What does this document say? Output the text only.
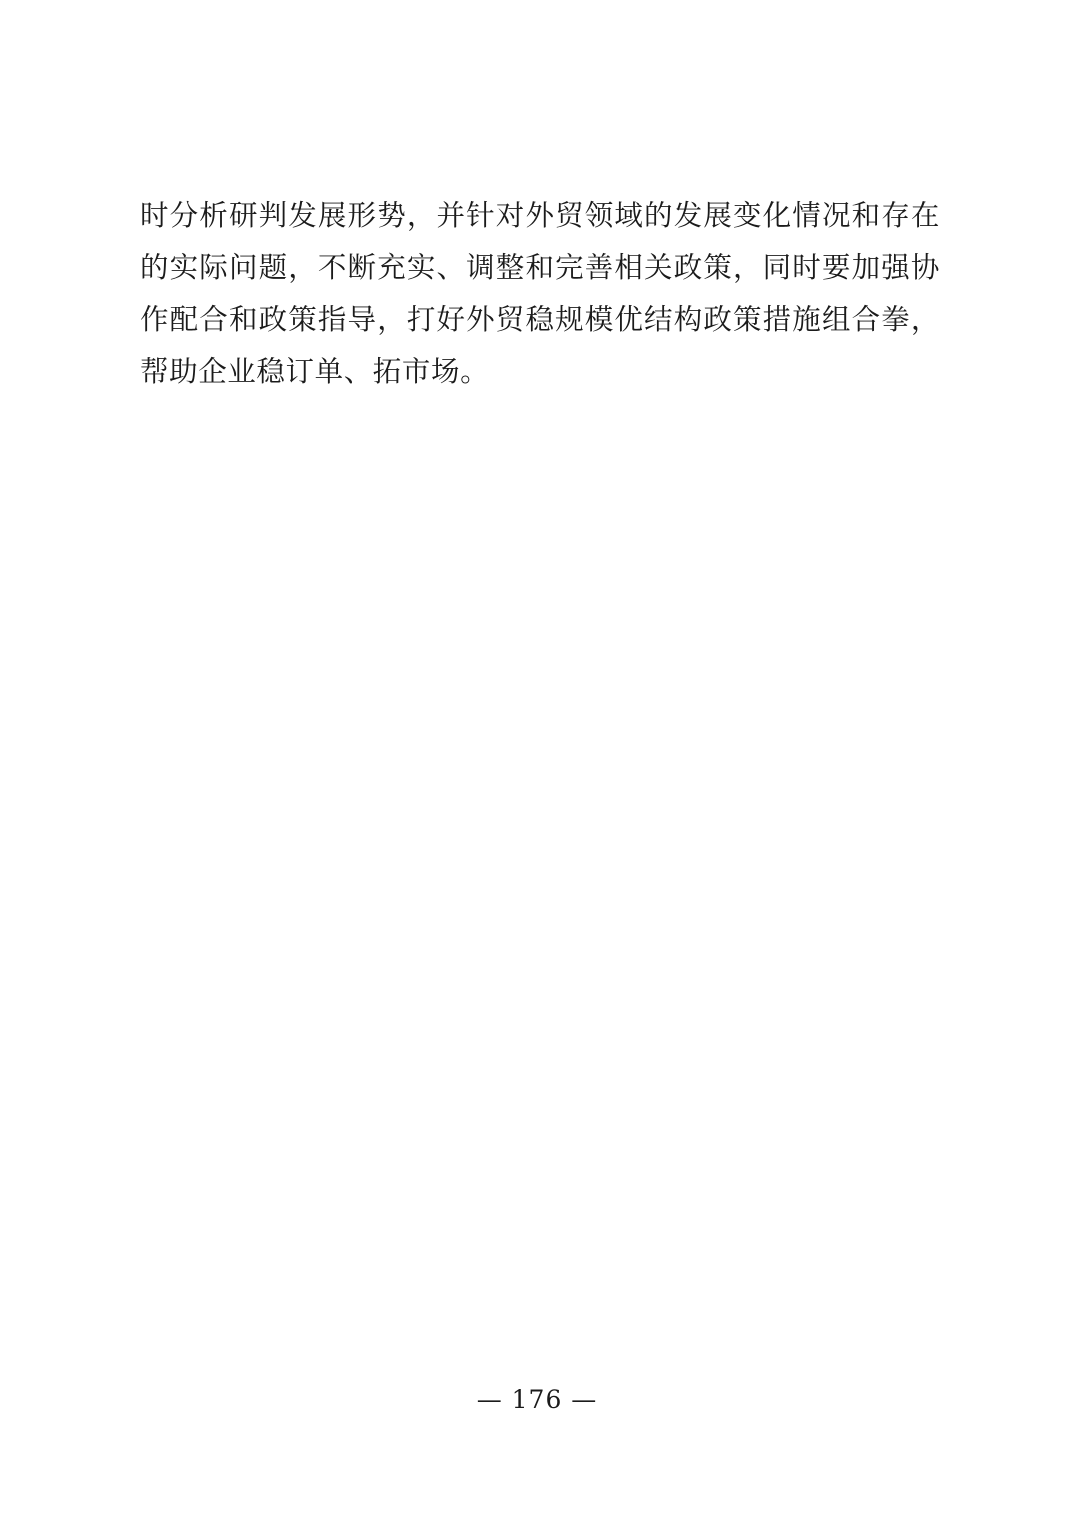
时分析研判发展形势，并针对外贸领域的发展变化情况和存在的实际问题，不断充实、调整和完善相关政策，同时要加强协作配合和政策指导，打好外贸稳规模优结构政策措施组合拳，帮助企业稳订单、拓市场。

— 176 —
